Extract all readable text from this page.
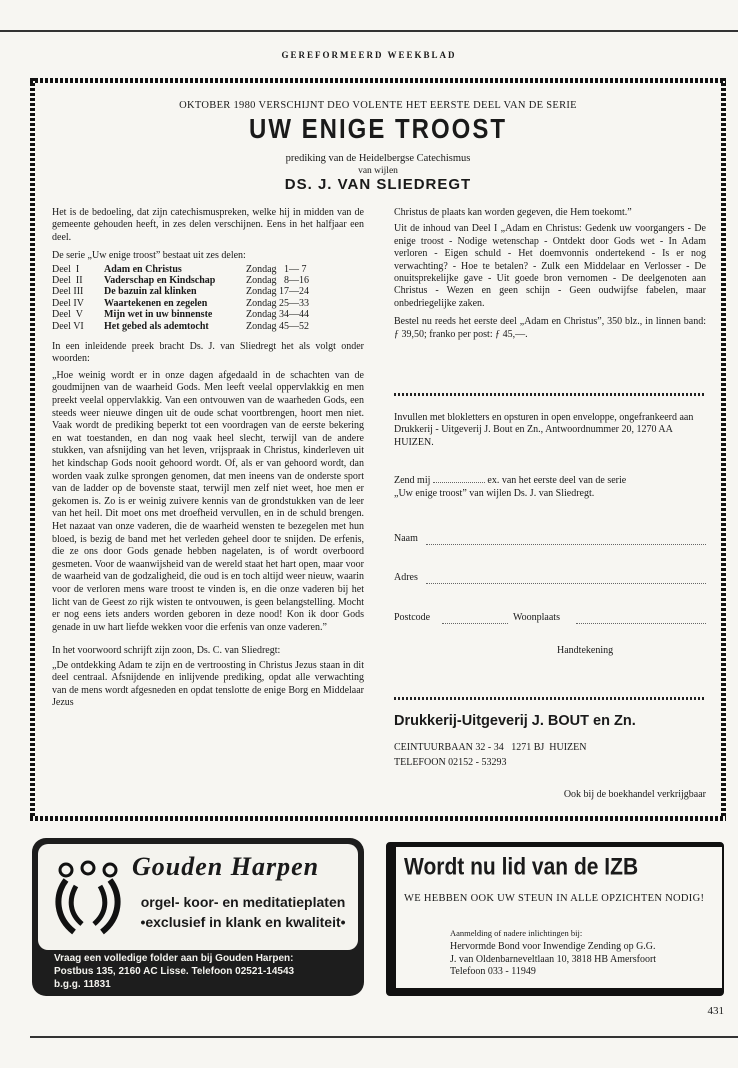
GEREFORMEERD WEEKBLAD
OKTOBER 1980 VERSCHIJNT DEO VOLENTE HET EERSTE DEEL VAN DE SERIE
UW ENIGE TROOST
prediking van de Heidelbergse Catechismus
van wijlen
DS. J. VAN SLIEDREGT

Het is de bedoeling, dat zijn catechismuspreken, welke hij in midden van de gemeente gehouden heeft, in zes delen verschijnen. Eens in het halfjaar een deel.

De serie „Uw enige troost” bestaat uit zes delen:

Deel  I	Adam en Christus	Zondag   1— 7
Deel  II	Vaderschap en Kindschap	Zondag   8—16
Deel III	De bazuin zal klinken	Zondag 17—24
Deel IV	Waartekenen en zegelen	Zondag 25—33
Deel  V	Mijn wet in uw binnenste	Zondag 34—44
Deel VI	Het gebed als ademtocht	Zondag 45—52

In een inleidende preek bracht Ds. J. van Sliedregt het als volgt onder woorden:

„Hoe weinig wordt er in onze dagen afgedaald in de schachten van de goudmijnen van de waarheid Gods. Men leeft veelal oppervlakkig en men preekt veelal oppervlakkig. Van een ontvouwen van de waarheden Gods, een steeds weer nieuwe dingen uit de oude schat voortbrengen, hoort men niet. Vaak wordt de prediking beperkt tot een voordragen van de eerste bekering en wat toestanden, en dan nog vaak heel slecht, terwijl van de andere stukken, van afsnijding van het leven, vrijspraak in Christus, kinderleven uit het kindschap Gods nooit gehoord wordt. Of, als er van gehoord wordt, dan worden vaak zulke sprongen genomen, dat men ineens van de onderste sport van de ladder op de bovenste staat, terwijl men zelf niet weet, hoe men er gekomen is. Zo is er weinig zuivere kennis van de grondstukken van de leer van het heil. Dit moet ons met droefheid vervullen, en in de schuld brengen. Het nazaat van onze vaderen, die de waarheid wensten te bezegelen met hun bloed, is bezig de band met het verleden geheel door te snijden. De erfenis, die ze ons door Gods genade hebben nagelaten, is of wordt overboord gesmeten. Voor de waanwijsheid van de wereld staat het hart open, maar voor de waarheid van de godzaligheid, die oud is en toch altijd weer nieuw, waarin voor de verloren mens ware troost te vinden is, en die onze vaderen bij het licht van de Geest zo rijk wisten te ontvouwen, is geen belangstelling. Mocht er nog eens iets anders worden geboren in deze nood! Kon ik door Gods genade in uw hart liefde wekken voor die erfenis van onze vaderen.”

In het voorwoord schrijft zijn zoon, Ds. C. van Sliedregt:

„De ontdekking Adam te zijn en de vertroosting in Christus Jezus staan in dit deel centraal. Afsnijdende en inlijvende prediking, opdat alle verwachting van de mens wordt afgesneden en opdat tenslotte de enige Borg en Middelaar Jezus

Christus de plaats kan worden gegeven, die Hem toekomt.”

Uit de inhoud van Deel I „Adam en Christus: Gedenk uw voorgangers - De enige troost - Nodige wetenschap - Ontdekt door Gods wet - In Adam verloren - Eigen schuld - Het doemvonnis ondertekend - Is er nog verwachting? - Hoe te betalen? - Zulk een Middelaar en Verlosser - De onuitsprekelijke gave - Uit goede bron vernomen - De deelgenoten aan Christus - Wezen en geen schijn - Geen oudwijfse fabelen, maar onbedriegelijke zaken.

Bestel nu reeds het eerste deel „Adam en Christus”, 350 blz., in linnen band: ƒ 39,50; franko per post: ƒ 45,—.

Invullen met blokletters en opsturen in open enveloppe, ongefrankeerd aan Drukkerij - Uitgeverij J. Bout en Zn., Antwoordnummer 20, 1270 AA HUIZEN.

Zend mij	ex. van het eerste deel van de serie
„Uw enige troost” van wijlen Ds. J. van Sliedregt.
Naam
Adres
Postcode	Woonplaats
Handtekening
Drukkerij-Uitgeverij J. BOUT en Zn.
CEINTUURBAAN 32 - 34   1271 BJ  HUIZEN
TELEFOON 02152 - 53293
Ook bij de boekhandel verkrijgbaar
Gouden Harpen
orgel- koor- en meditatieplaten
•exclusief in klank en kwaliteit•
Vraag een volledige folder aan bij Gouden Harpen:
Postbus 135, 2160 AC Lisse. Telefoon 02521-14543
b.g.g. 11831
Wordt nu lid van de IZB
WE HEBBEN OOK UW STEUN IN ALLE OPZICHTEN NODIG!
Aanmelding of nadere inlichtingen bij:
Hervormde Bond voor Inwendige Zending op G.G.
J. van Oldenbarneveltlaan 10, 3818 HB Amersfoort
Telefoon 033 - 11949
431
